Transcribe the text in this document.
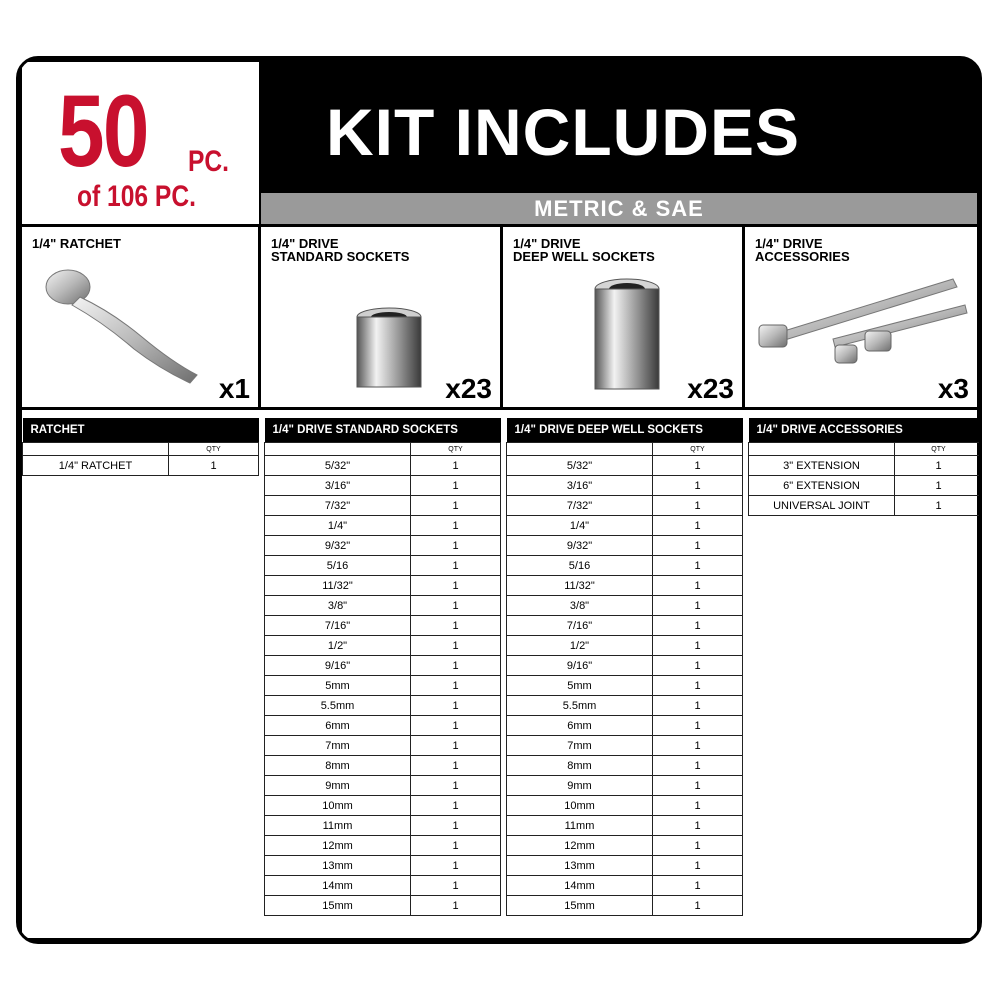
50 PC.
of 106 PC.
KIT INCLUDES
METRIC & SAE
1/4" RATCHET
x1
1/4" DRIVE
STANDARD SOCKETS
x23
1/4" DRIVE
DEEP WELL SOCKETS
x23
1/4" DRIVE
ACCESSORIES
x3
RATCHET	
	QTY
1/4" RATCHET	1
1/4" DRIVE STANDARD SOCKETS	
	QTY
5/32"	1
3/16"	1
7/32"	1
1/4"	1
9/32"	1
5/16	1
11/32"	1
3/8"	1
7/16"	1
1/2"	1
9/16"	1
5mm	1
5.5mm	1
6mm	1
7mm	1
8mm	1
9mm	1
10mm	1
11mm	1
12mm	1
13mm	1
14mm	1
15mm	1
1/4" DRIVE DEEP WELL SOCKETS	
	QTY
5/32"	1
3/16"	1
7/32"	1
1/4"	1
9/32"	1
5/16	1
11/32"	1
3/8"	1
7/16"	1
1/2"	1
9/16"	1
5mm	1
5.5mm	1
6mm	1
7mm	1
8mm	1
9mm	1
10mm	1
11mm	1
12mm	1
13mm	1
14mm	1
15mm	1
1/4" DRIVE ACCESSORIES	
	QTY
3" EXTENSION	1
6" EXTENSION	1
UNIVERSAL JOINT	1
